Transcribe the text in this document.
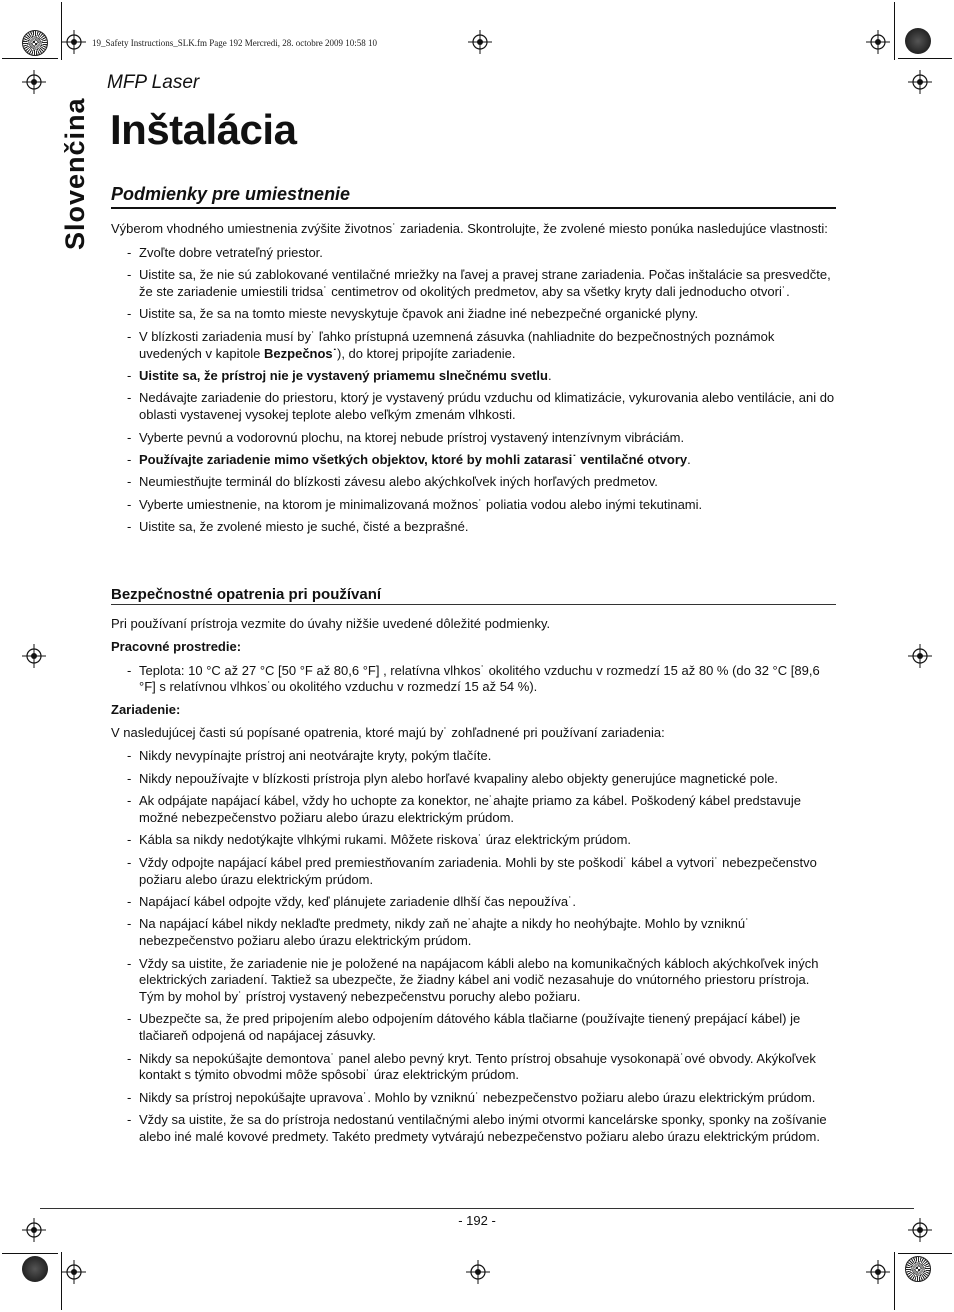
19_Safety Instructions_SLK.fm Page 192 Mercredi, 28. octobre 2009 10:58 10
MFP Laser
Slovenčina Inštalácia
Podmienky pre umiestnenie

Výberom vhodného umiestnenia zvýšite životnos˙ zariadenia. Skontrolujte, že zvolené miesto ponúka nasledujúce vlastnosti:

- Zvoľte dobre vetrateľný priestor.
- Uistite sa, že nie sú zablokované ventilačné mriežky na ľavej a pravej strane zariadenia. Počas inštalácie sa presvedčte, že ste zariadenie umiestili tridsa˙ centimetrov od okolitých predmetov, aby sa všetky kryty dali jednoducho otvori˙.
- Uistite sa, že sa na tomto mieste nevyskytuje čpavok ani žiadne iné nebezpečné organické plyny.
- V blízkosti zariadenia musí by˙ ľahko prístupná uzemnená zásuvka (nahliadnite do bezpečnostných poznámok uvedených v kapitole Bezpečnos˙), do ktorej pripojíte zariadenie.
- Uistite sa, že prístroj nie je vystavený priamemu slnečnému svetlu.
- Nedávajte zariadenie do priestoru, ktorý je vystavený prúdu vzduchu od klimatizácie, vykurovania alebo ventilácie, ani do oblasti vystavenej vysokej teplote alebo veľkým zmenám vlhkosti.
- Vyberte pevnú a vodorovnú plochu, na ktorej nebude prístroj vystavený intenzívnym vibráciám.
- Používajte zariadenie mimo všetkých objektov, ktoré by mohli zatarasi˙ ventilačné otvory.
- Neumiestňujte terminál do blízkosti závesu alebo akýchkoľvek iných horľavých predmetov.
- Vyberte umiestnenie, na ktorom je minimalizovaná možnos˙ poliatia vodou alebo inými tekutinami.
- Uistite sa, že zvolené miesto je suché, čisté a bezprašné.
Bezpečnostné opatrenia pri používaní

Pri používaní prístroja vezmite do úvahy nižšie uvedené dôležité podmienky.

Pracovné prostredie:

- Teplota: 10 °C až 27 °C [50 °F až 80,6 °F] , relatívna vlhkos˙ okolitého vzduchu v rozmedzí 15 až 80 % (do 32 °C [89,6 °F] s relatívnou vlhkos˙ou okolitého vzduchu v rozmedzí 15 až 54 %).

Zariadenie:

V nasledujúcej časti sú popísané opatrenia, ktoré majú by˙ zohľadnené pri používaní zariadenia:

- Nikdy nevypínajte prístroj ani neotvárajte kryty, pokým tlačíte.
- Nikdy nepoužívajte v blízkosti prístroja plyn alebo horľavé kvapaliny alebo objekty generujúce magnetické pole.
- Ak odpájate napájací kábel, vždy ho uchopte za konektor, ne˙ahajte priamo za kábel. Poškodený kábel predstavuje možné nebezpečenstvo požiaru alebo úrazu elektrickým prúdom.
- Kábla sa nikdy nedotýkajte vlhkými rukami. Môžete riskova˙ úraz elektrickým prúdom.
- Vždy odpojte napájací kábel pred premiestňovaním zariadenia. Mohli by ste poškodi˙ kábel a vytvori˙ nebezpečenstvo požiaru alebo úrazu elektrickým prúdom.
- Napájací kábel odpojte vždy, keď plánujete zariadenie dlhší čas nepoužíva˙.
- Na napájací kábel nikdy neklaďte predmety, nikdy zaň ne˙ahajte a nikdy ho neohýbajte. Mohlo by vzniknú˙ nebezpečenstvo požiaru alebo úrazu elektrickým prúdom.
- Vždy sa uistite, že zariadenie nie je položené na napájacom kábli alebo na komunikačných kábloch akýchkoľvek iných elektrických zariadení. Taktiež sa ubezpečte, že žiadny kábel ani vodič nezasahuje do vnútorného priestoru prístroja. Tým by mohol by˙ prístroj vystavený nebezpečenstvu poruchy alebo požiaru.
- Ubezpečte sa, že pred pripojením alebo odpojením dátového kábla tlačiarne (používajte tienený prepájací kábel) je tlačiareň odpojená od napájacej zásuvky.
- Nikdy sa nepokúšajte demontova˙ panel alebo pevný kryt. Tento prístroj obsahuje vysokonapä˙ové obvody. Akýkoľvek kontakt s týmito obvodmi môže spôsobi˙ úraz elektrickým prúdom.
- Nikdy sa prístroj nepokúšajte upravova˙. Mohlo by vzniknú˙ nebezpečenstvo požiaru alebo úrazu elektrickým prúdom.
- Vždy sa uistite, že sa do prístroja nedostanú ventilačnými alebo inými otvormi kancelárske sponky, sponky na zošívanie alebo iné malé kovové predmety. Takéto predmety vytvárajú nebezpečenstvo požiaru alebo úrazu elektrickým prúdom.
- 192 -
